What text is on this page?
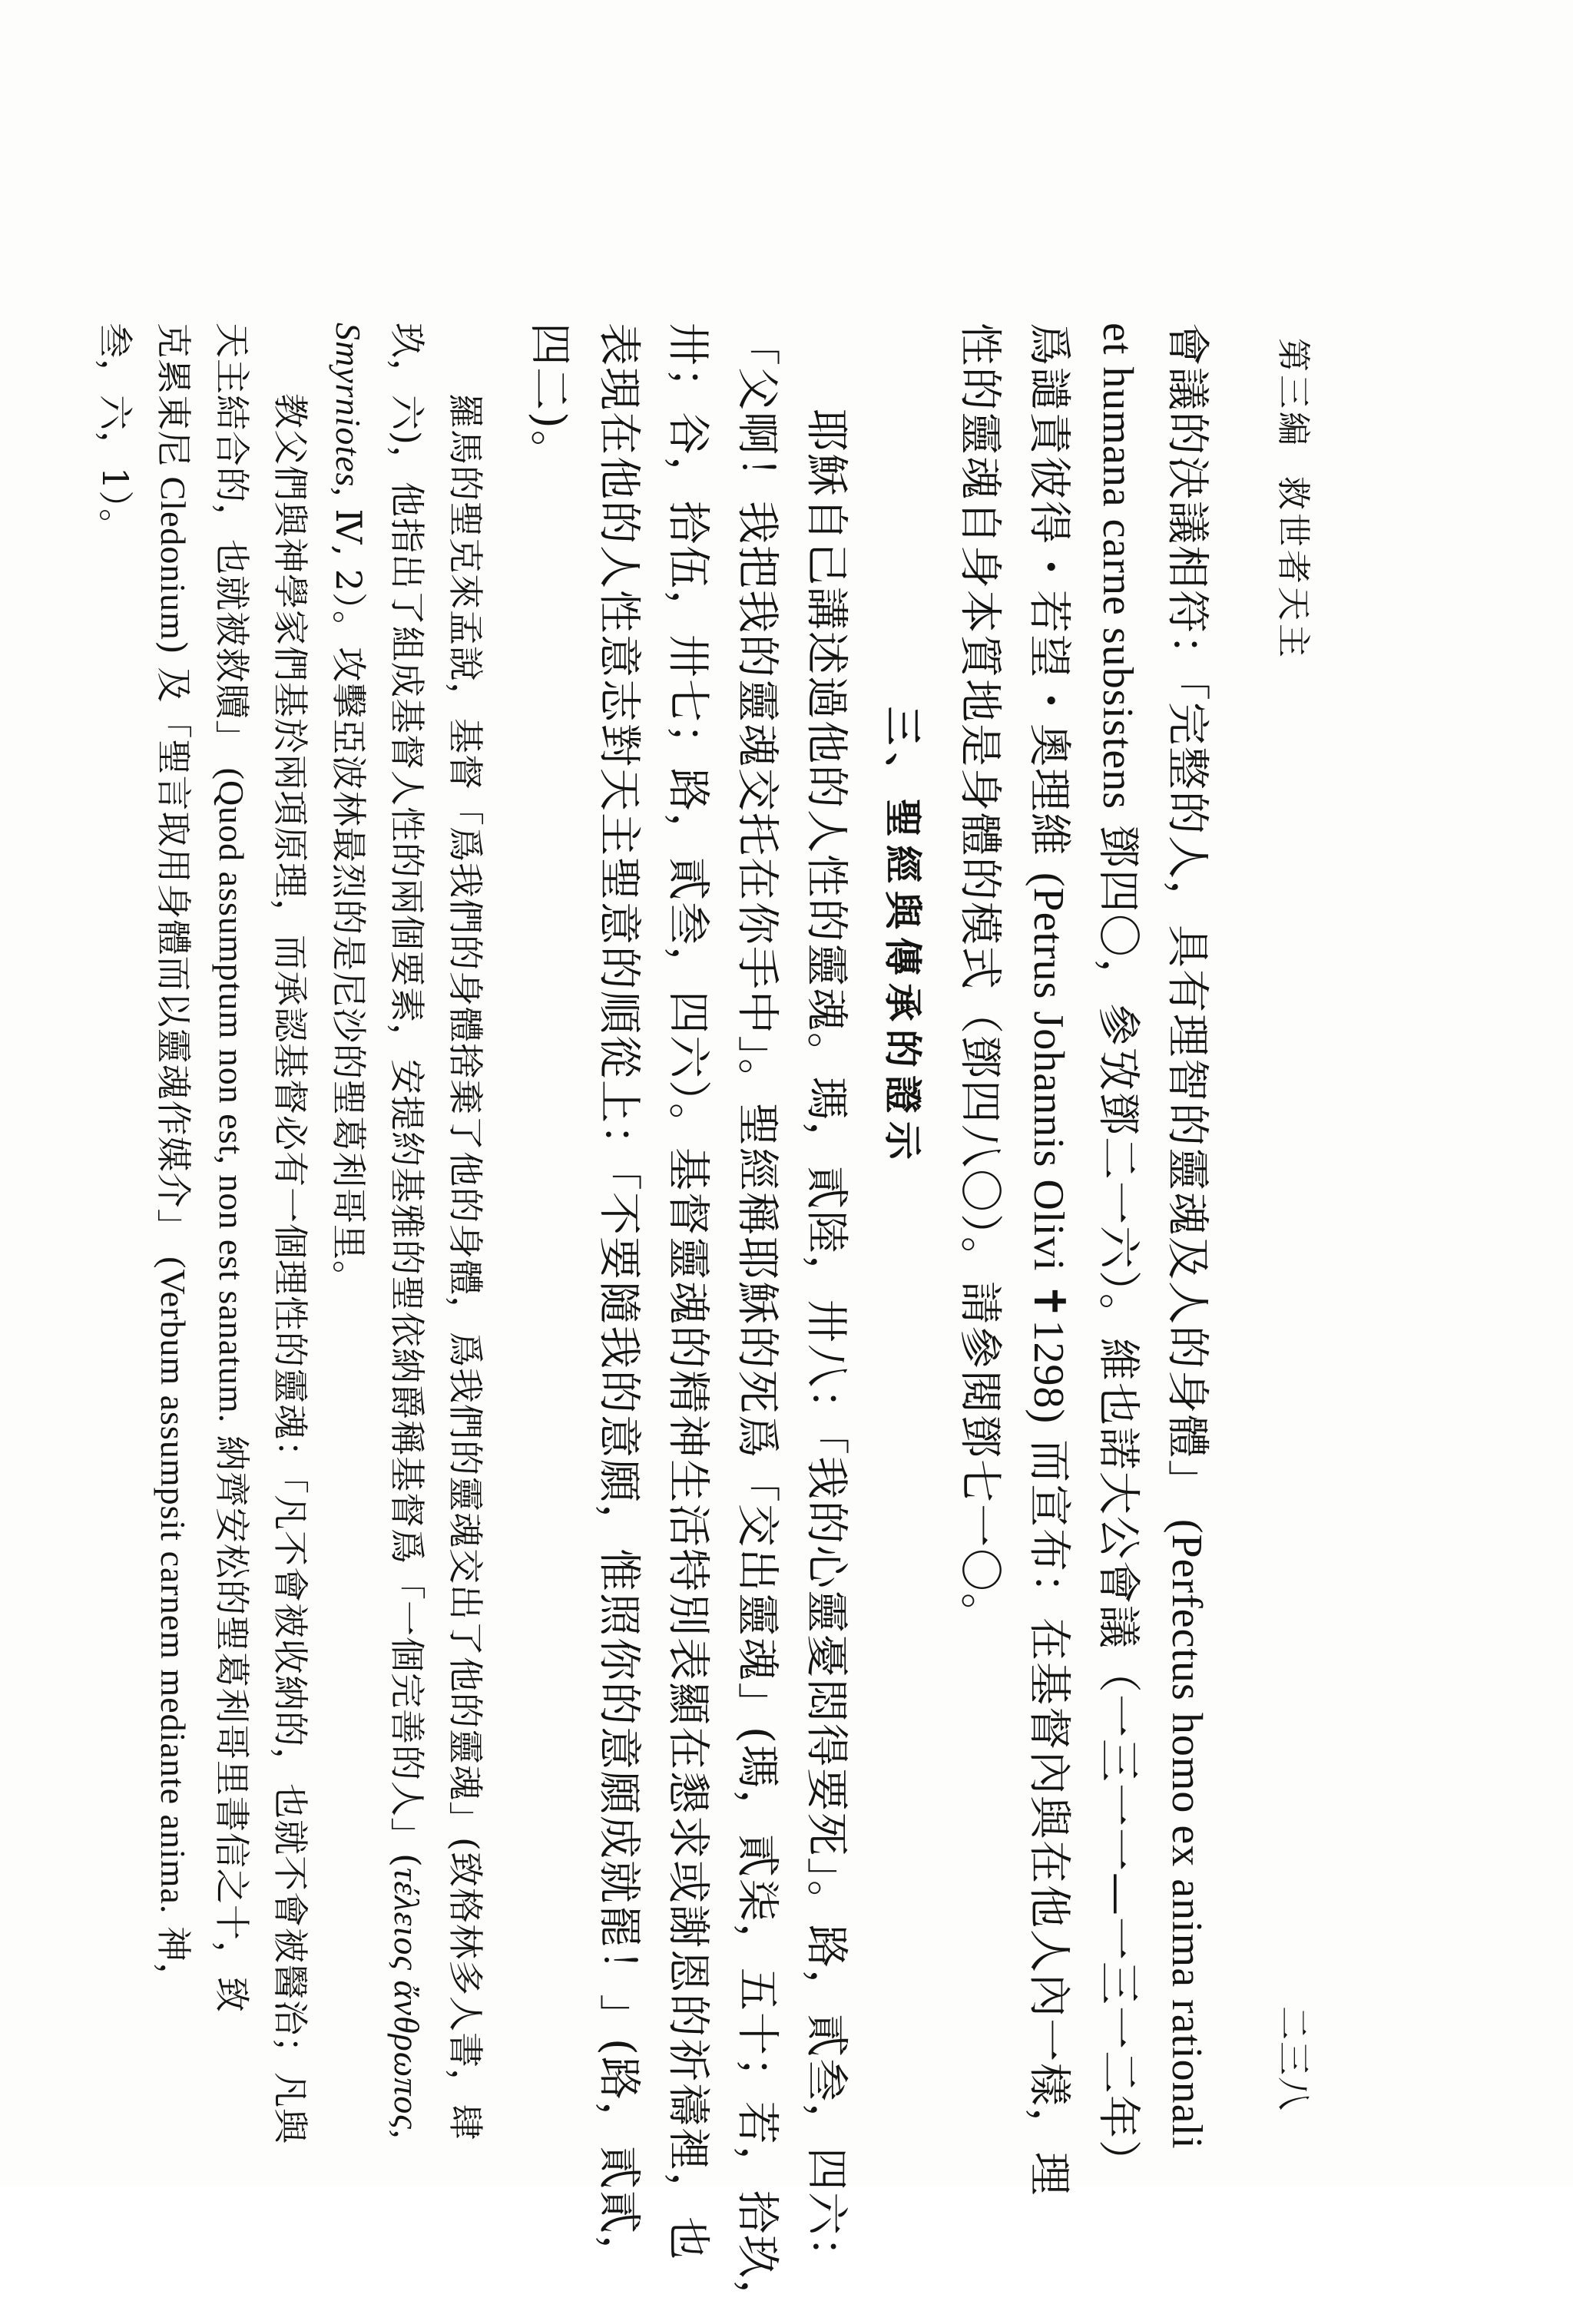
第三編救世者天主
二三八
會議的決議相符：「完整的人，具有理智的靈魂及人的身體」 (Perfectus homo ex anima rationali
et humana carne subsistens 鄧四〇，參攷鄧二一六）。維也諾大公會議（一三一一—一三一二年）
爲譴責彼得・若望・奧理維 (Petrus Johannis Olivi ✝1298) 而宣布：在基督內與在他人內一樣，理
性的靈魂自身本質地是身體的模式（鄧四八〇）。請參閱鄧七一〇。
三、聖經與傳承的證示
耶穌自己講述過他的人性的靈魂。瑪，貳陸，卅八：「我的心靈憂悶得要死」。路，貳叁，四六：
「父啊！我把我的靈魂交托在你手中」。聖經稱耶穌的死爲「交出靈魂」(瑪，貳柒，五十；若，拾玖，
卅；谷，拾伍，卅七；路，貳叁，四六）。基督靈魂的精神生活特別表顯在懇求或謝恩的祈禱裡，也
表現在他的人性意志對天主聖意的順從上：「不要隨我的意願，惟照你的意願成就罷！」(路，貳貳，
四二)。
羅馬的聖克來孟說，基督「爲我們的身體捨棄了他的身體，爲我們的靈魂交出了他的靈魂」(致格林多人書，肆
玖，六)，他指出了組成基督人性的兩個要素，安提約基雅的聖依納爵稱基督爲「一個完善的人」(τέλειος ἄνθρωπος,
Smyrniotes, Ⅳ, 2）。攻擊亞波林最烈的是尼沙的聖葛利哥里。
教父們與神學家們基於兩項原理，而承認基督必有一個理性的靈魂：「凡不會被收納的，也就不會被醫治；凡與
天主結合的，也就被救贖」 (Quod assumptum non est, non est sanatum. 納齊安松的聖葛利哥里書信之十，致
克累東尼 Cledonium) 及「聖言取用身體而以靈魂作媒介」 (Verbum assumpsit carnem mediante anima. 神，
叁，六，1）。
